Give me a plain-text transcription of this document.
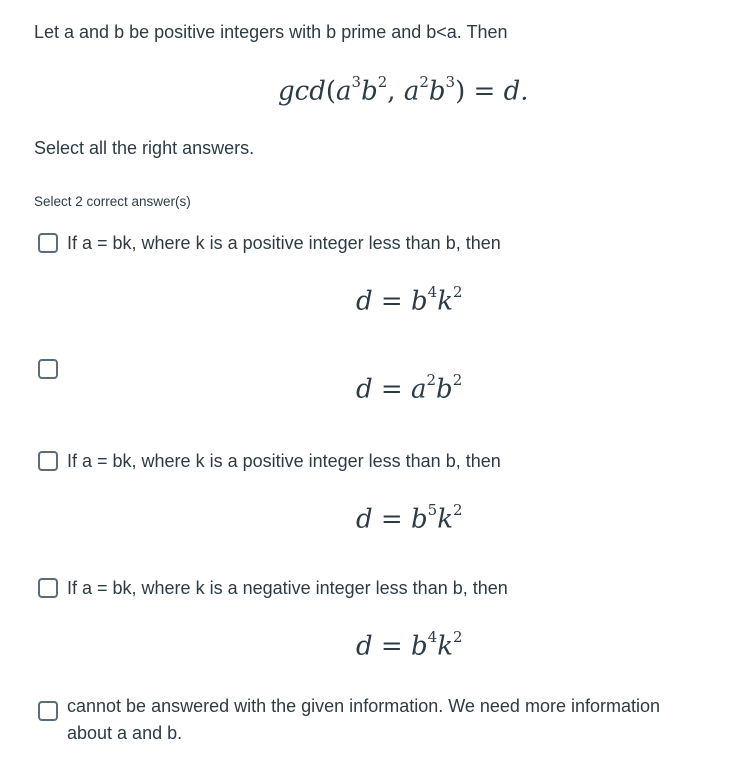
Let a and b be positive integers with b prime and b<a. Then
$\gcd(a^3b^2$, $a^2b^3) = d$.
Select all the right answers.
Select 2 correct answer(s)
If a = bk, where k is a positive integer less than b, then
$d = b^4k^2$
$d = a^2b^2$
If a = bk, where k is a positive integer less than b, then
$d = b^5k^2$
If a = bk, where k is a negative integer less than b, then
$d = b^4k^2$
cannot be answered with the given information. We need more information
about a and b.
